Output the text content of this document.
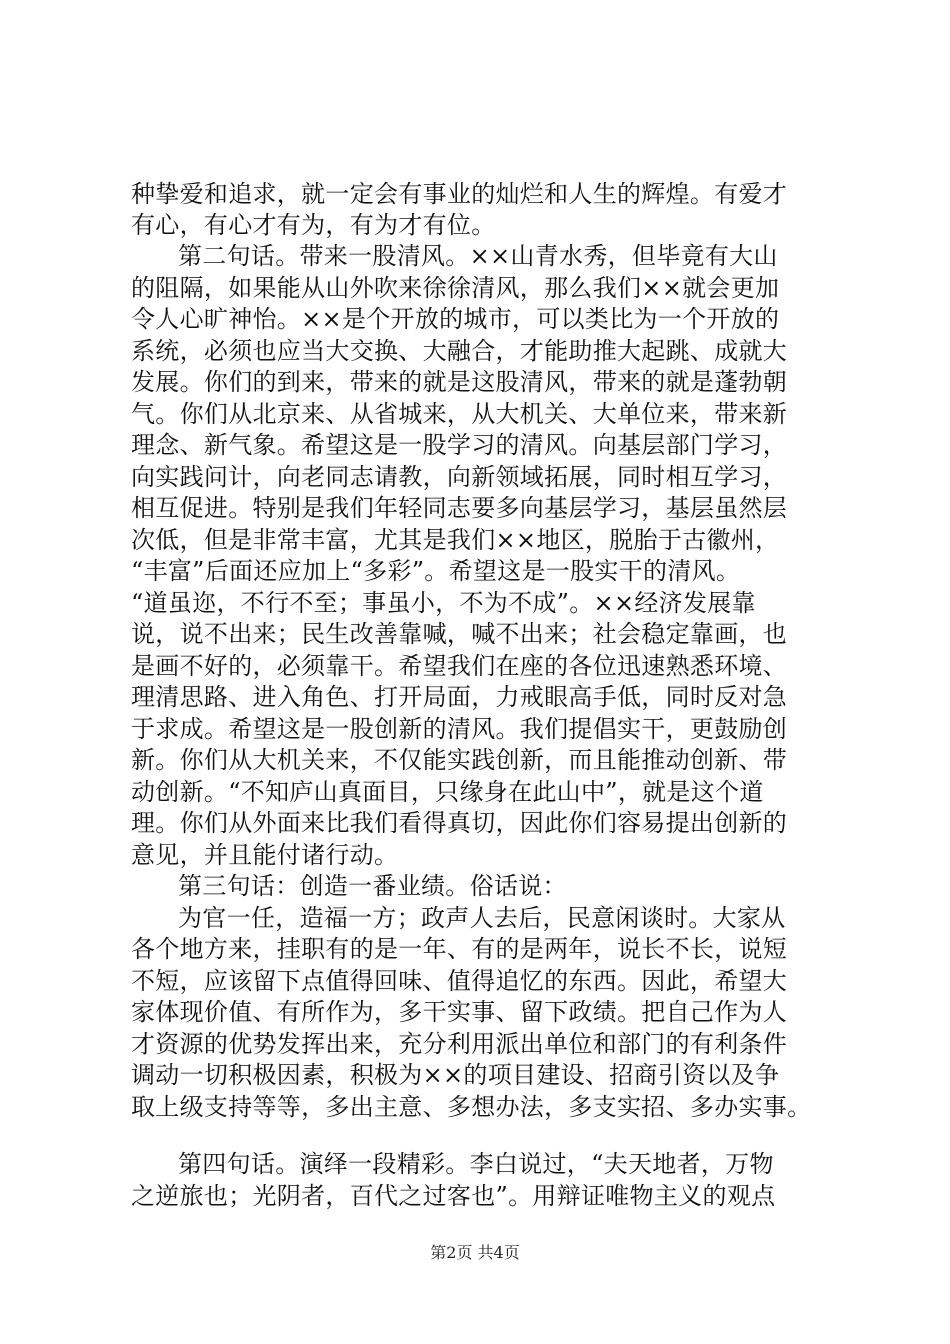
种挚爱和追求，就一定会有事业的灿烂和人生的辉煌。有爱才
有心，有心才有为，有为才有位。
第二句话。带来一股清风。××山青水秀，但毕竟有大山
的阻隔，如果能从山外吹来徐徐清风，那么我们××就会更加
令人心旷神怡。××是个开放的城市，可以类比为一个开放的
系统，必须也应当大交换、大融合，才能助推大起跳、成就大
发展。你们的到来，带来的就是这股清风，带来的就是蓬勃朝
气。你们从北京来、从省城来，从大机关、大单位来，带来新
理念、新气象。希望这是一股学习的清风。向基层部门学习，
向实践问计，向老同志请教，向新领域拓展，同时相互学习，
相互促进。特别是我们年轻同志要多向基层学习，基层虽然层
次低，但是非常丰富，尤其是我们××地区，脱胎于古徽州，
“丰富”后面还应加上“多彩”。希望这是一股实干的清风。
“道虽迩，不行不至；事虽小，不为不成”。××经济发展靠
说，说不出来；民生改善靠喊，喊不出来；社会稳定靠画，也
是画不好的，必须靠干。希望我们在座的各位迅速熟悉环境、
理清思路、进入角色、打开局面，力戒眼高手低，同时反对急
于求成。希望这是一股创新的清风。我们提倡实干，更鼓励创
新。你们从大机关来，不仅能实践创新，而且能推动创新、带
动创新。“不知庐山真面目，只缘身在此山中”，就是这个道
理。你们从外面来比我们看得真切，因此你们容易提出创新的
意见，并且能付诸行动。
第三句话：创造一番业绩。俗话说：
为官一任，造福一方；政声人去后，民意闲谈时。大家从
各个地方来，挂职有的是一年、有的是两年，说长不长，说短
不短，应该留下点值得回味、值得追忆的东西。因此，希望大
家体现价值、有所作为，多干实事、留下政绩。把自己作为人
才资源的优势发挥出来，充分利用派出单位和部门的有利条件
调动一切积极因素，积极为××的项目建设、招商引资以及争
取上级支持等等，多出主意、多想办法，多支实招、多办实事。
第四句话。演绎一段精彩。李白说过，“夫天地者，万物
之逆旅也；光阴者，百代之过客也”。用辩证唯物主义的观点
第2页 共4页
